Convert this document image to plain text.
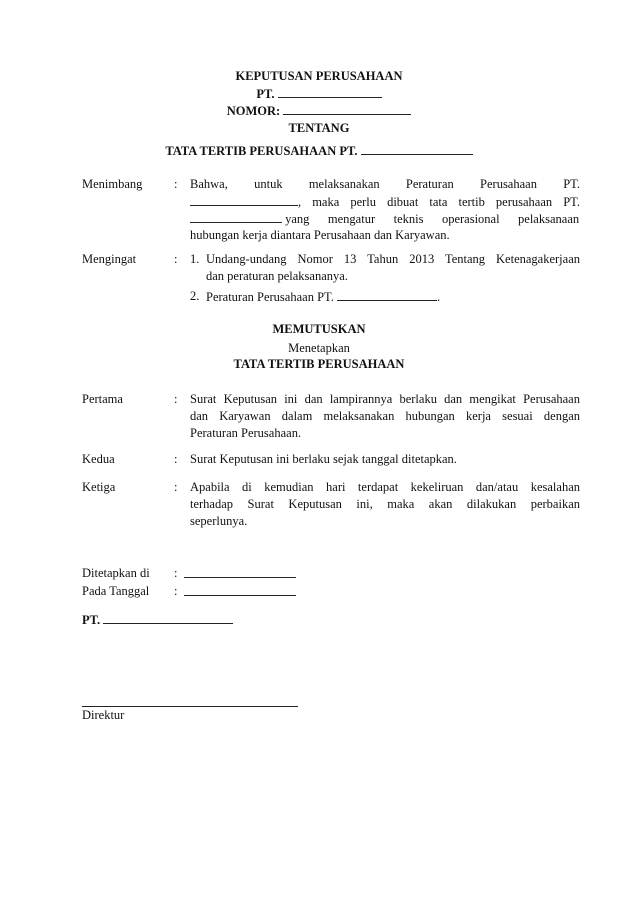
KEPUTUSAN PERUSAHAAN
PT.
NOMOR:
TENTANG
TATA TERTIB PERUSAHAAN PT.
Menimbang	: Bahwa, untuk melaksanakan Peraturan Perusahaan PT.
, maka perlu dibuat tata tertib perusahaan PT.
yang mengatur teknis operasional pelaksanaan
hubungan kerja diantara Perusahaan dan Karyawan.
Mengingat	: 1. Undang-undang Nomor 13 Tahun 2013 Tentang Ketenagakerjaan
dan peraturan pelaksananya.
2. Peraturan Perusahaan PT.	.
MEMUTUSKAN
Menetapkan
TATA TERTIB PERUSAHAAN
Pertama	: Surat Keputusan ini dan lampirannya berlaku dan mengikat Perusahaan
dan Karyawan dalam melaksanakan hubungan kerja sesuai dengan
Peraturan Perusahaan.
Kedua	: Surat Keputusan ini berlaku sejak tanggal ditetapkan.
Ketiga	: Apabila di kemudian hari terdapat kekeliruan dan/atau kesalahan
terhadap Surat Keputusan ini, maka akan dilakukan perbaikan
seperlunya.
Ditetapkan di :
Pada Tanggal :
PT.
Direktur
